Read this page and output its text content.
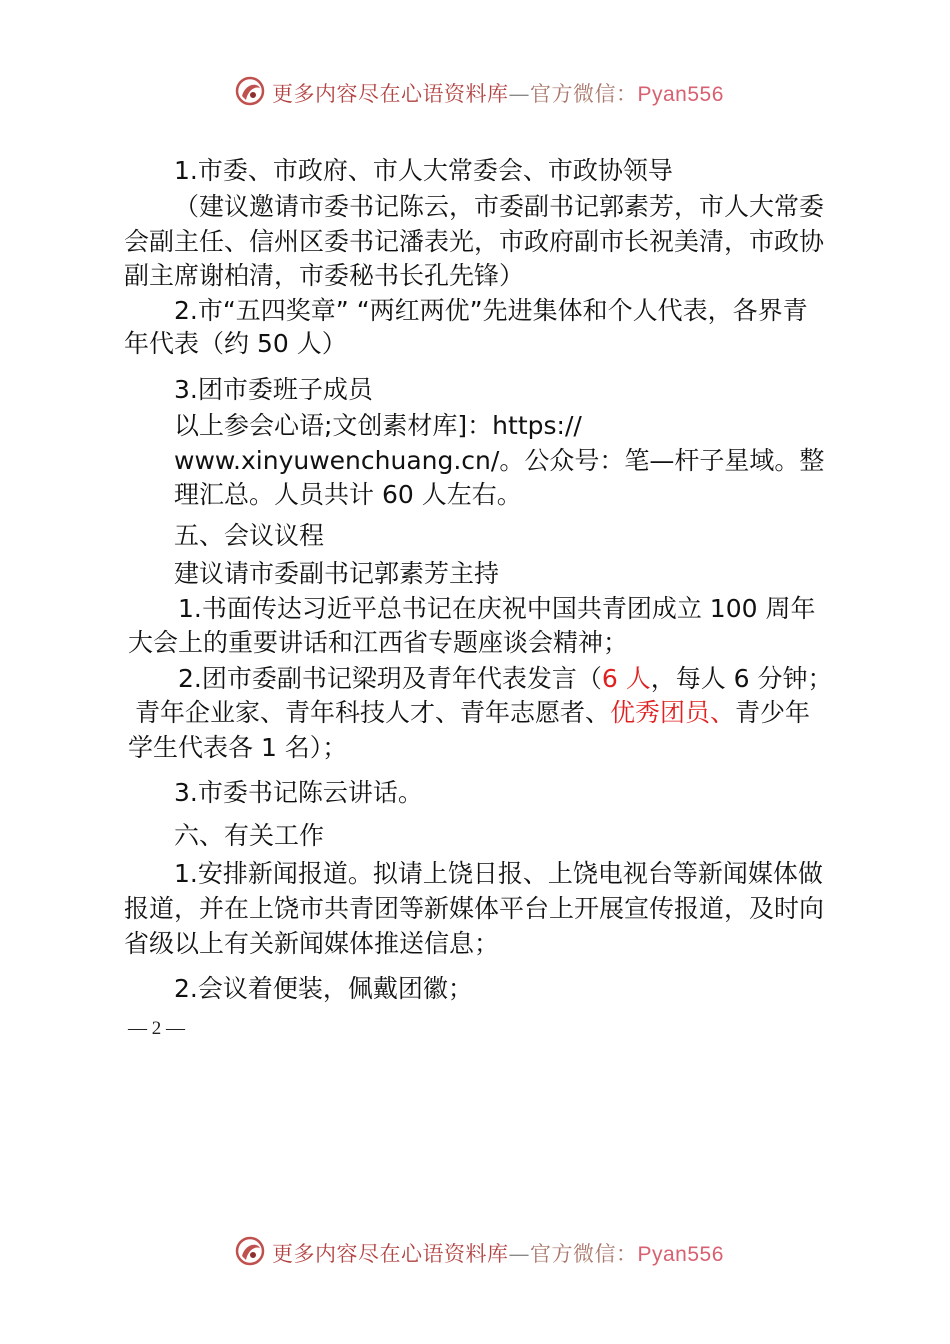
更多内容尽在心语资料库—官方微信：Pyan556
1.市委、市政府、市人大常委会、市政协领导
（建议邀请市委书记陈云，市委副书记郭素芳，市人大常委
会副主任、信州区委书记潘表光，市政府副市长祝美清，市政协
副主席谢柏清，市委秘书长孔先锋）
2.市“五四奖章” “两红两优”先进集体和个人代表，各界青
年代表（约 50 人）
3.团市委班子成员
以上参会心语;文创素材库]：https://
www.xinyuwenchuang.cn/。公众号：笔—杆子星域。整
理汇总。人员共计 60 人左右。
五、会议议程
建议请市委副书记郭素芳主持
1.书面传达习近平总书记在庆祝中国共青团成立 100 周年
大会上的重要讲话和江西省专题座谈会精神；
2.团市委副书记梁玥及青年代表发言（6 人，每人 6 分钟；
青年企业家、青年科技人才、青年志愿者、优秀团员、青少年
学生代表各 1 名）；
3.市委书记陈云讲话。
六、有关工作
1.安排新闻报道。拟请上饶日报、上饶电视台等新闻媒体做
报道，并在上饶市共青团等新媒体平台上开展宣传报道，及时向
省级以上有关新闻媒体推送信息；
2.会议着便装，佩戴团徽；
— 2 —
更多内容尽在心语资料库—官方微信：Pyan556
